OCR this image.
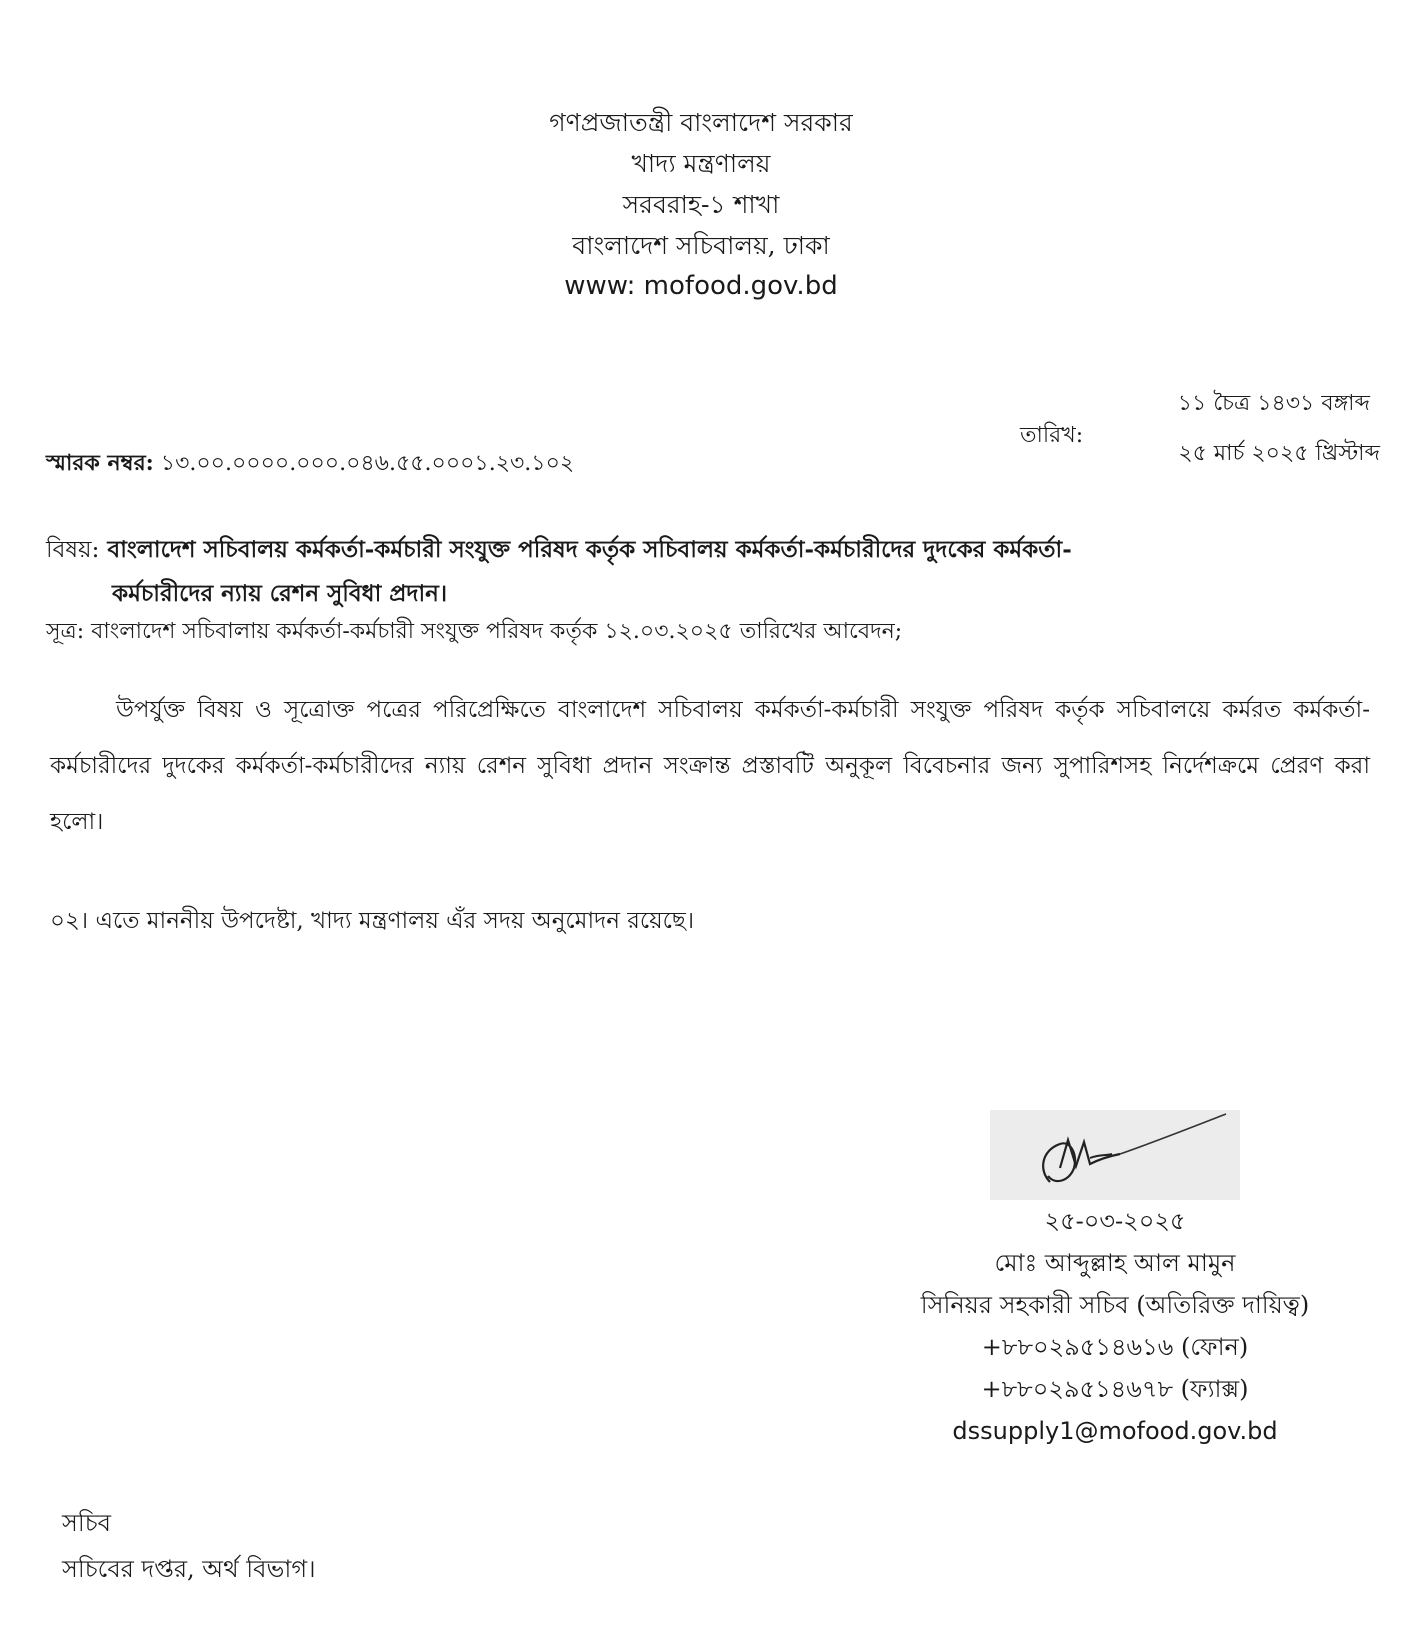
গণপ্রজাতন্ত্রী বাংলাদেশ সরকার
খাদ্য মন্ত্রণালয়
সরবরাহ-১ শাখা
বাংলাদেশ সচিবালয়, ঢাকা
www: mofood.gov.bd
তারিখ:
১১ চৈত্র ১৪৩১ বঙ্গাব্দ
২৫ মার্চ ২০২৫ খ্রিস্টাব্দ
স্মারক নম্বর: ১৩.০০.০০০০.০০০.০৪৬.৫৫.০০০১.২৩.১০২
বিষয়: বাংলাদেশ সচিবালয় কর্মকর্তা-কর্মচারী সংযুক্ত পরিষদ কর্তৃক সচিবালয় কর্মকর্তা-কর্মচারীদের দুদকের কর্মকর্তা-
কর্মচারীদের ন্যায় রেশন সুবিধা প্রদান।
সূত্র: বাংলাদেশ সচিবালায় কর্মকর্তা-কর্মচারী সংযুক্ত পরিষদ কর্তৃক ১২.০৩.২০২৫ তারিখের আবেদন;
উপর্যুক্ত বিষয় ও সূত্রোক্ত পত্রের পরিপ্রেক্ষিতে বাংলাদেশ সচিবালয় কর্মকর্তা-কর্মচারী সংযুক্ত পরিষদ কর্তৃক সচিবালয়ে কর্মরত কর্মকর্তা-কর্মচারীদের দুদকের কর্মকর্তা-কর্মচারীদের ন্যায় রেশন সুবিধা প্রদান সংক্রান্ত প্রস্তাবটি অনুকূল বিবেচনার জন্য সুপারিশসহ নির্দেশক্রমে প্রেরণ করা হলো।
০২। এতে মাননীয় উপদেষ্টা, খাদ্য মন্ত্রণালয় এঁর সদয় অনুমোদন রয়েছে।
২৫-০৩-২০২৫
মোঃ আব্দুল্লাহ আল মামুন
সিনিয়র সহকারী সচিব (অতিরিক্ত দায়িত্ব)
+৮৮০২৯৫১৪৬১৬ (ফোন)
+৮৮০২৯৫১৪৬৭৮ (ফ্যাক্স)
dssupply1@mofood.gov.bd
সচিব
সচিবের দপ্তর, অর্থ বিভাগ।
